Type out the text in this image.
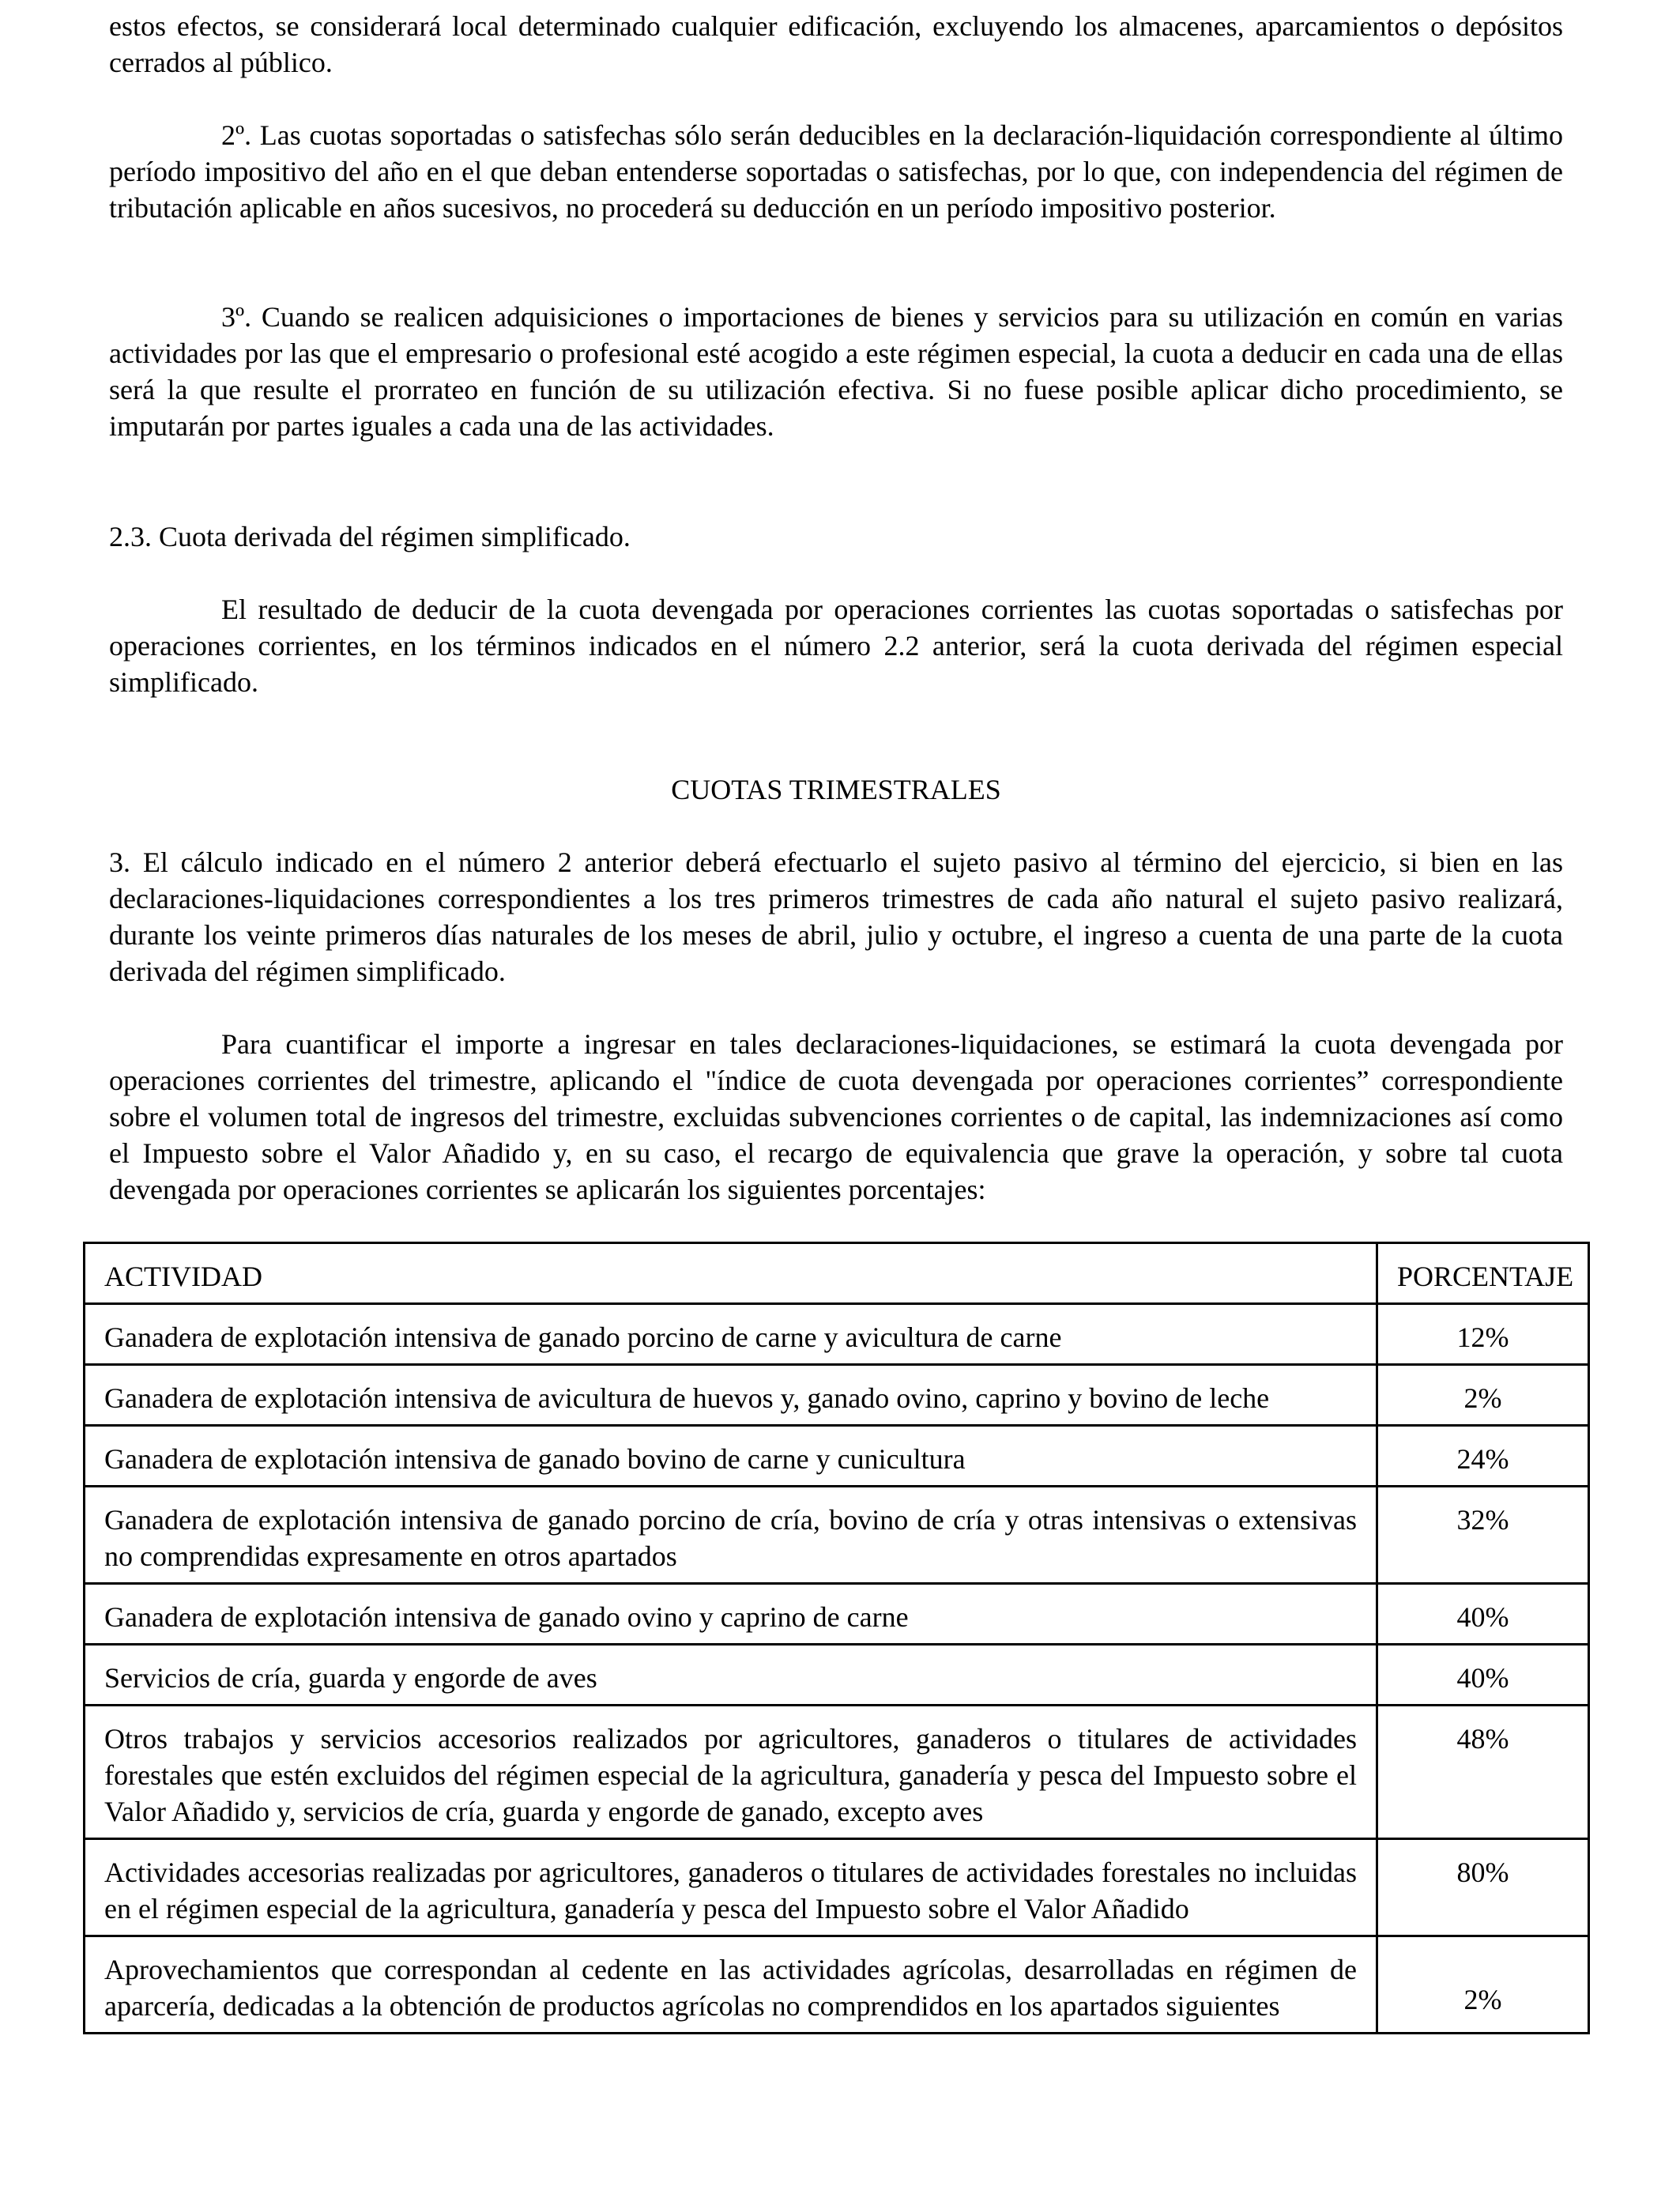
estos efectos, se considerará local determinado cualquier edificación, excluyendo los almacenes, aparcamientos o depósitos cerrados al público.

2º. Las cuotas soportadas o satisfechas sólo serán deducibles en la declaración-liquidación correspondiente al último período impositivo del año en el que deban entenderse soportadas o satisfechas, por lo que, con independencia del régimen de tributación aplicable en años sucesivos, no procederá su deducción en un período impositivo posterior.

3º. Cuando se realicen adquisiciones o importaciones de bienes y servicios para su utilización en común en varias actividades por las que el empresario o profesional esté acogido a este régimen especial, la cuota a deducir en cada una de ellas será la que resulte el prorrateo en función de su utilización efectiva. Si no fuese posible aplicar dicho procedimiento, se imputarán por partes iguales a cada una de las actividades.

2.3. Cuota derivada del régimen simplificado.

El resultado de deducir de la cuota devengada por operaciones corrientes las cuotas soportadas o satisfechas por operaciones corrientes, en los términos indicados en el número 2.2 anterior, será la cuota derivada del régimen especial simplificado.

CUOTAS TRIMESTRALES

3. El cálculo indicado en el número 2 anterior deberá efectuarlo el sujeto pasivo al término del ejercicio, si bien en las declaraciones-liquidaciones correspondientes a los tres primeros trimestres de cada año natural el sujeto pasivo realizará, durante los veinte primeros días naturales de los meses de abril, julio y octubre, el ingreso a cuenta de una parte de la cuota derivada del régimen simplificado.

Para cuantificar el importe a ingresar en tales declaraciones-liquidaciones, se estimará la cuota devengada por operaciones corrientes del trimestre, aplicando el "índice de cuota devengada por operaciones corrientes” correspondiente sobre el volumen total de ingresos del trimestre, excluidas subvenciones corrientes o de capital, las indemnizaciones así como el Impuesto sobre el Valor Añadido y, en su caso, el recargo de equivalencia que grave la operación, y sobre tal cuota devengada por operaciones corrientes se aplicarán los siguientes porcentajes:

ACTIVIDAD	PORCENTAJE
Ganadera de explotación intensiva de ganado porcino de carne y avicultura de carne	12%
Ganadera de explotación intensiva de avicultura de huevos y, ganado ovino, caprino y bovino de leche	2%
Ganadera de explotación intensiva de ganado bovino de carne y cunicultura	24%
Ganadera de explotación intensiva de ganado porcino de cría, bovino de cría y otras intensivas o extensivas no comprendidas expresamente en otros apartados	32%
Ganadera de explotación intensiva de ganado ovino y caprino de carne	40%
Servicios de cría, guarda y engorde de aves	40%
Otros trabajos y servicios accesorios realizados por agricultores, ganaderos o titulares de actividades forestales que estén excluidos del régimen especial de la agricultura, ganadería y pesca del Impuesto sobre el Valor Añadido y, servicios de cría, guarda y engorde de ganado, excepto aves	48%
Actividades accesorias realizadas por agricultores, ganaderos o titulares de actividades forestales no incluidas en el régimen especial de la agricultura, ganadería y pesca del Impuesto sobre el Valor Añadido	80%
Aprovechamientos que correspondan al cedente en las actividades agrícolas, desarrolladas en régimen de aparcería, dedicadas a la obtención de productos agrícolas no comprendidos en los apartados siguientes	2%
